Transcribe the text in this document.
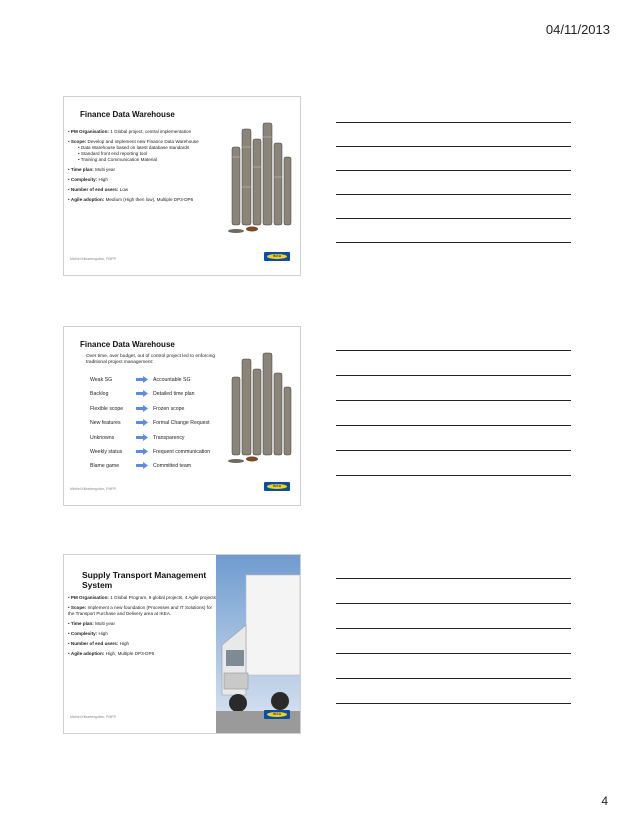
04/11/2013
Finance Data Warehouse

• PM Organisation: 1 Global project, central implementation

• Scope: Develop and implement new Finance Data Warehouse
• Data Warehouse based on latest database standards
• Standard front end reporting tool
• Training and Communication Material

• Time plan: Multi year

• Complexity: High

• Number of end users: Low

• Agile adoption: Medium (High then low), Multiple DP3-DP6

Michiel.Kilbarbergotion, PMP®
IKEA
Finance Data Warehouse
Over time, over budget, out of control project led to enforcing traditional project management:
Weak SG	Accountable SG
Backlog	Detailed time plan
Flexible scope	Frozen scope
New features	Formal Change Request
Unknowns	Transparency
Weekly status	Frequent communication
Blame game	Committed team
Michiel.Kilbarbergotion, PMP®
IKEA
Supply Transport Management System

• PM Organisation: 1 Global Program, 9 global projects, 4 Agile projects

• Scope: Implement a new foundation (Processes and IT Solutions) for the Transport Purchase and Delivery area at IKEA.

• Time plan: Multi year

• Complexity: High

• Number of end users: High

• Agile adoption: High, Multiple DP3-DP6

Michiel.Kilbarbergotion, PMP®
IKEA
4
